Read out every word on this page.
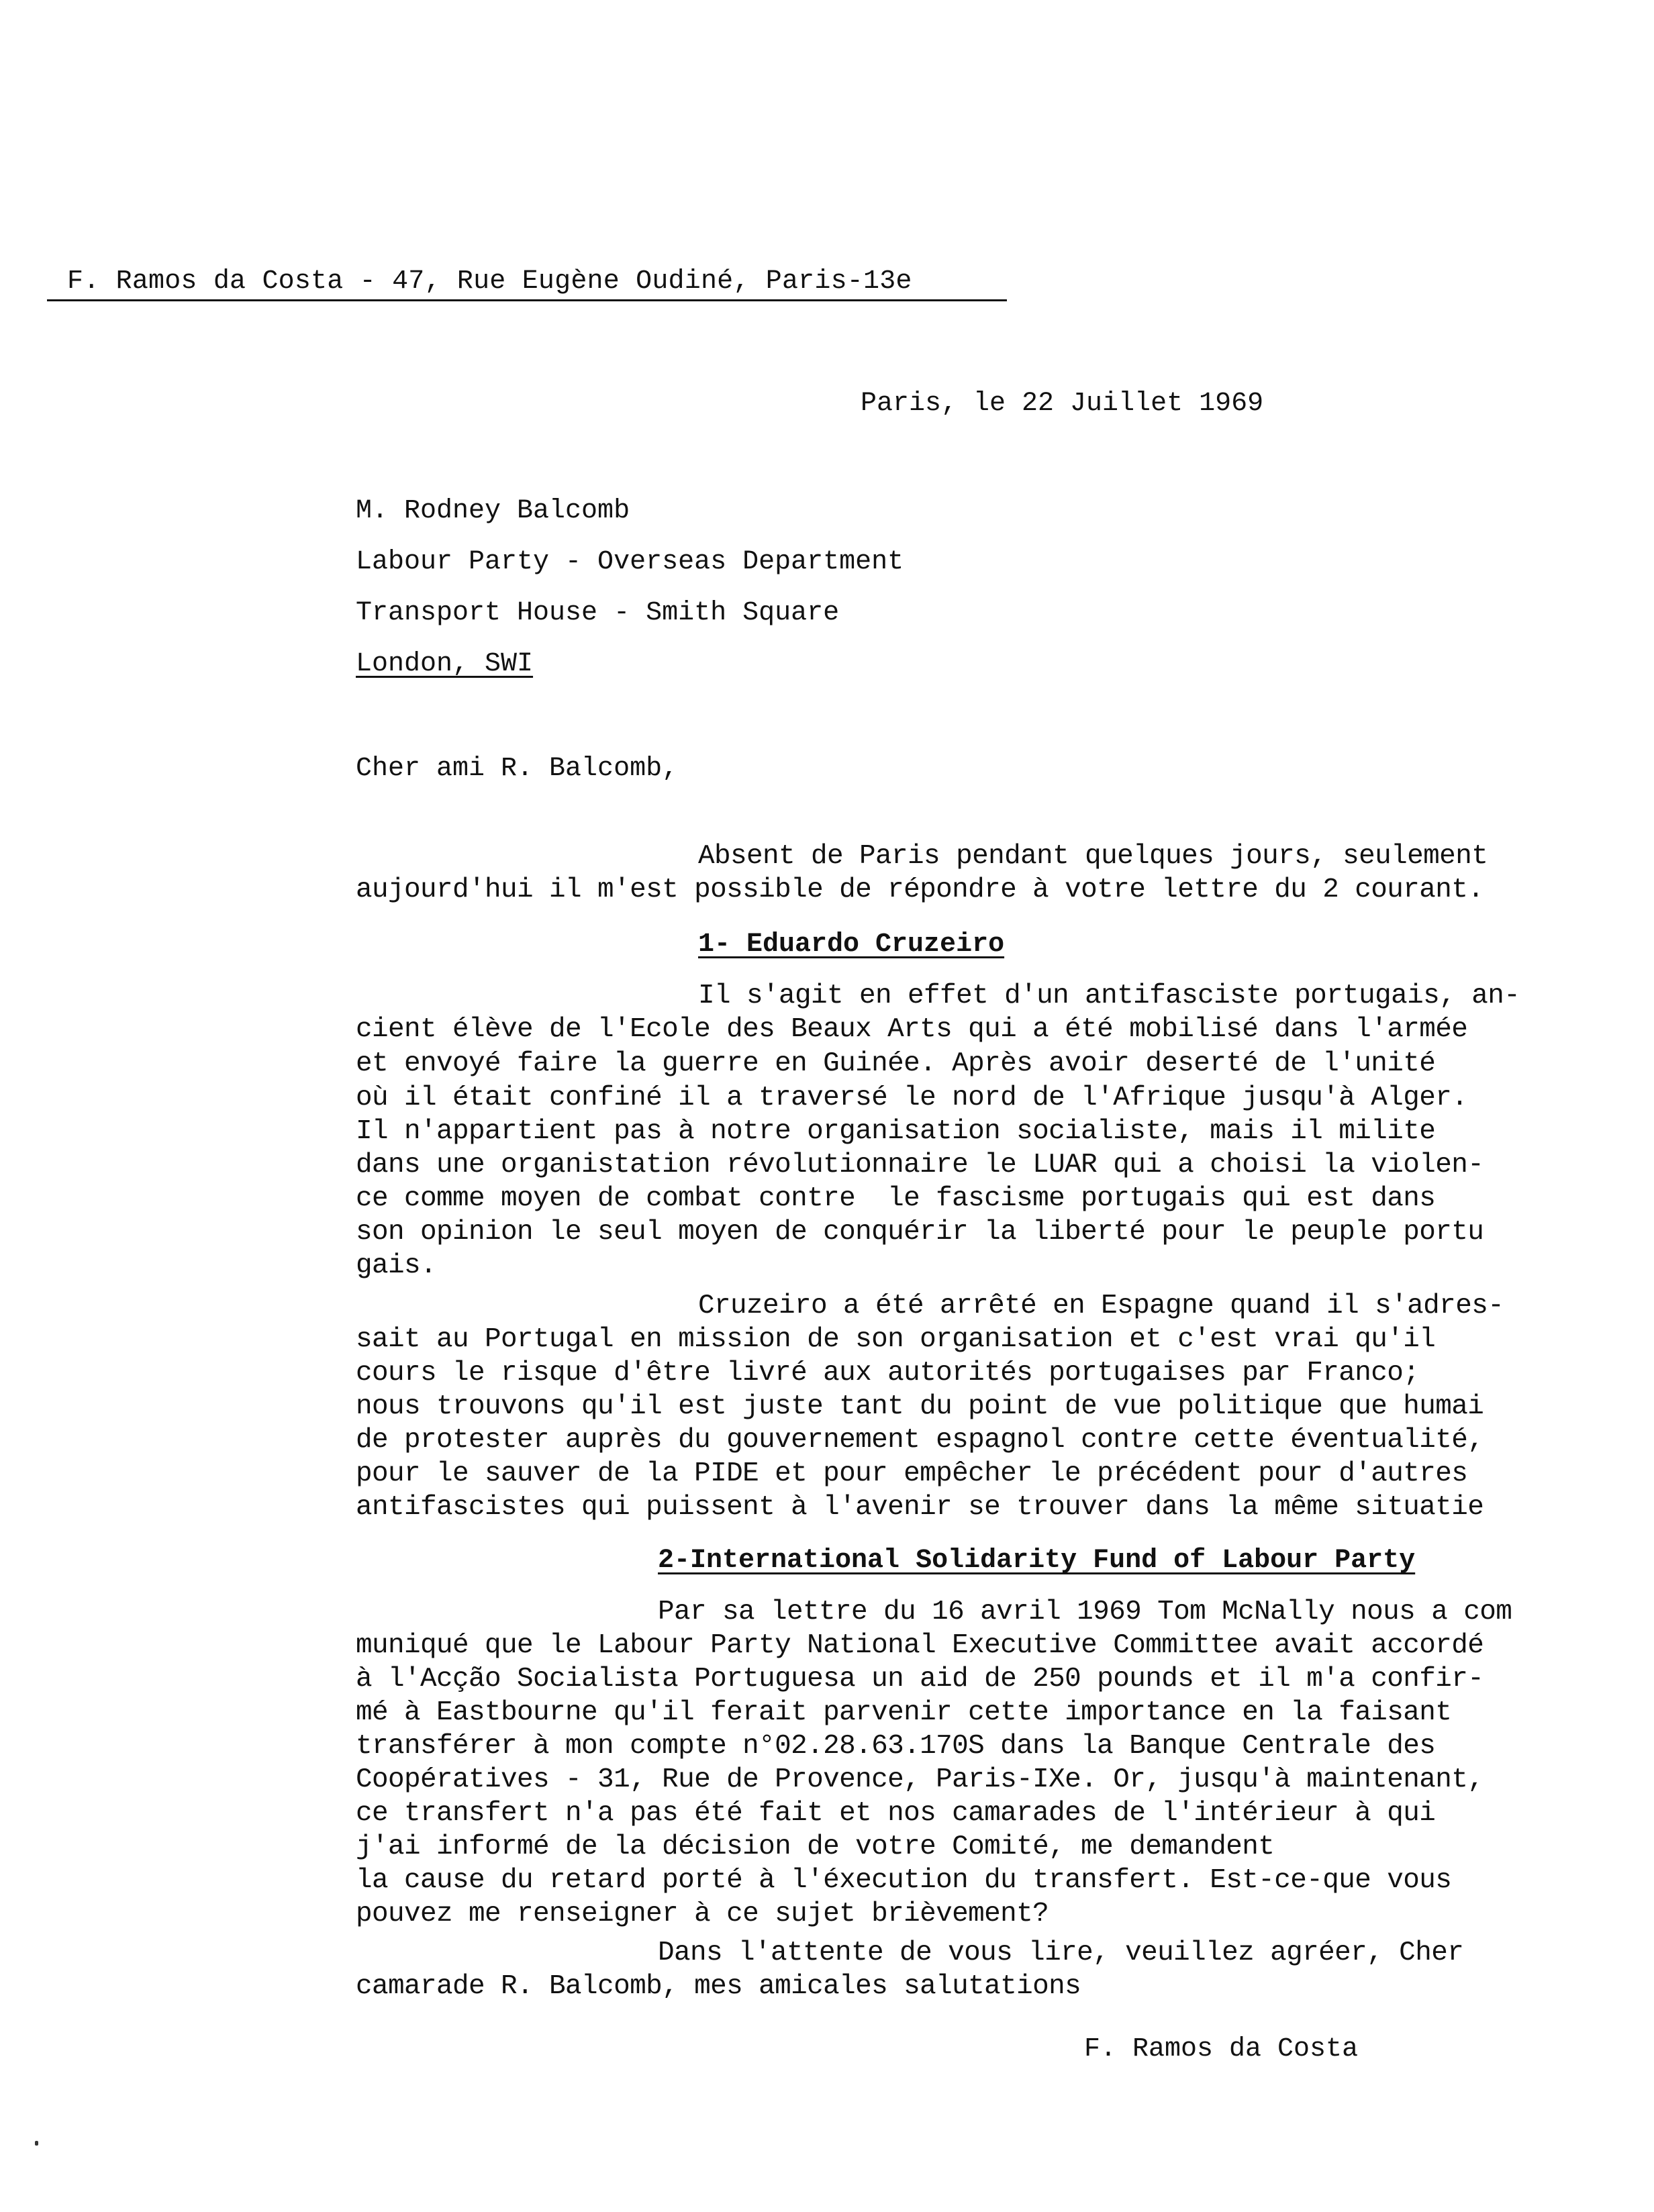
F. Ramos da Costa - 47, Rue Eugène Oudiné, Paris-13e
Paris, le 22 Juillet 1969
M. Rodney Balcomb
Labour Party - Overseas Department
Transport House - Smith Square
London, SWI
Cher ami R. Balcomb,
Absent de Paris pendant quelques jours, seulement
aujourd'hui il m'est possible de répondre à votre lettre du 2 courant.
1- Eduardo Cruzeiro
Il s'agit en effet d'un antifasciste portugais, an-
cient élève de l'Ecole des Beaux Arts qui a été mobilisé dans l'armée
et envoyé faire la guerre en Guinée. Après avoir deserté de l'unité
où il était confiné il a traversé le nord de l'Afrique jusqu'à Alger.
Il n'appartient pas à notre organisation socialiste, mais il milite
dans une organistation révolutionnaire le LUAR qui a choisi la violen-
ce comme moyen de combat contre  le fascisme portugais qui est dans
son opinion le seul moyen de conquérir la liberté pour le peuple portu
gais.
Cruzeiro a été arrêté en Espagne quand il s'adres-
sait au Portugal en mission de son organisation et c'est vrai qu'il
cours le risque d'être livré aux autorités portugaises par Franco;
nous trouvons qu'il est juste tant du point de vue politique que humai
de protester auprès du gouvernement espagnol contre cette éventualité,
pour le sauver de la PIDE et pour empêcher le précédent pour d'autres
antifascistes qui puissent à l'avenir se trouver dans la même situatie
2-International Solidarity Fund of Labour Party
Par sa lettre du 16 avril 1969 Tom McNally nous a com
muniqué que le Labour Party National Executive Committee avait accordé
à l'Acção Socialista Portuguesa un aid de 250 pounds et il m'a confir-
mé à Eastbourne qu'il ferait parvenir cette importance en la faisant
transférer à mon compte n°02.28.63.170S dans la Banque Centrale des
Coopératives - 31, Rue de Provence, Paris-IXe. Or, jusqu'à maintenant,
ce transfert n'a pas été fait et nos camarades de l'intérieur à qui
j'ai informé de la décision de votre Comité, me demandent
la cause du retard porté à l'éxecution du transfert. Est-ce-que vous
pouvez me renseigner à ce sujet brièvement?
Dans l'attente de vous lire, veuillez agréer, Cher
camarade R. Balcomb, mes amicales salutations
F. Ramos da Costa
